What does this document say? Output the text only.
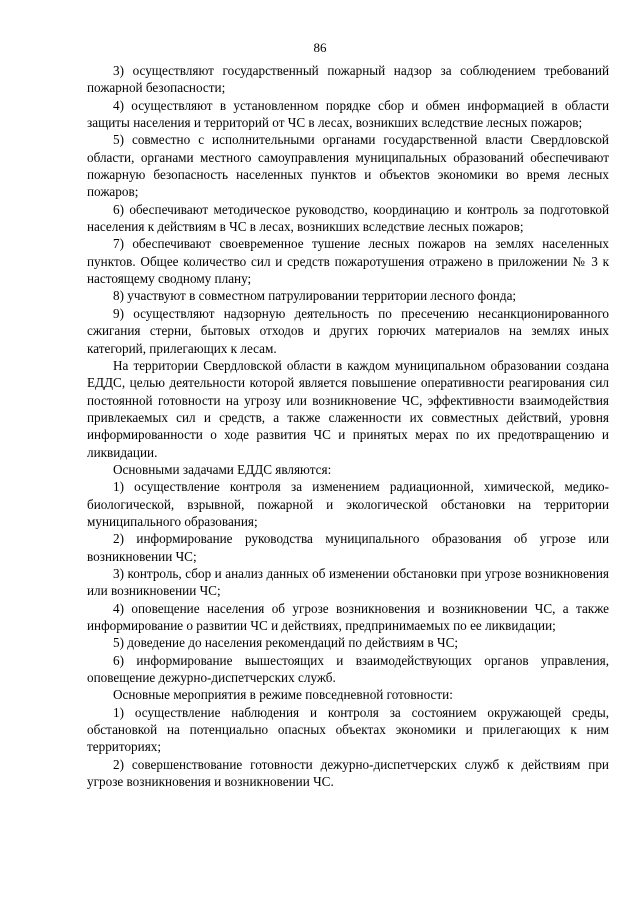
86

3) осуществляют государственный пожарный надзор за соблюдением требований пожарной безопасности;

4) осуществляют в установленном порядке сбор и обмен информацией в области защиты населения и территорий от ЧС в лесах, возникших вследствие лесных пожаров;

5) совместно с исполнительными органами государственной власти Свердловской области, органами местного самоуправления муниципальных образований обеспечивают пожарную безопасность населенных пунктов и объектов экономики во время лесных пожаров;

6) обеспечивают методическое руководство, координацию и контроль за подготовкой населения к действиям в ЧС в лесах, возникших вследствие лесных пожаров;

7) обеспечивают своевременное тушение лесных пожаров на землях населенных пунктов. Общее количество сил и средств пожаротушения отражено в приложении № 3 к настоящему сводному плану;

8) участвуют в совместном патрулировании территории лесного фонда;

9) осуществляют надзорную деятельность по пресечению несанкционированного сжигания стерни, бытовых отходов и других горючих материалов на землях иных категорий, прилегающих к лесам.

На территории Свердловской области в каждом муниципальном образовании создана ЕДДС, целью деятельности которой является повышение оперативности реагирования сил постоянной готовности на угрозу или возникновение ЧС, эффективности взаимодействия привлекаемых сил и средств, а также слаженности их совместных действий, уровня информированности о ходе развития ЧС и принятых мерах по их предотвращению и ликвидации.

Основными задачами ЕДДС являются:

1) осуществление контроля за изменением радиационной, химической, медико-биологической, взрывной, пожарной и экологической обстановки на территории муниципального образования;

2) информирование руководства муниципального образования об угрозе или возникновении ЧС;

3) контроль, сбор и анализ данных об изменении обстановки при угрозе возникновения или возникновении ЧС;

4) оповещение населения об угрозе возникновения и возникновении ЧС, а также информирование о развитии ЧС и действиях, предпринимаемых по ее ликвидации;

5) доведение до населения рекомендаций по действиям в ЧС;

6) информирование вышестоящих и взаимодействующих органов управления, оповещение дежурно-диспетчерских служб.

Основные мероприятия в режиме повседневной готовности:

1) осуществление наблюдения и контроля за состоянием окружающей среды, обстановкой на потенциально опасных объектах экономики и прилегающих к ним территориях;

2) совершенствование готовности дежурно-диспетчерских служб к действиям при угрозе возникновения и возникновении ЧС.
